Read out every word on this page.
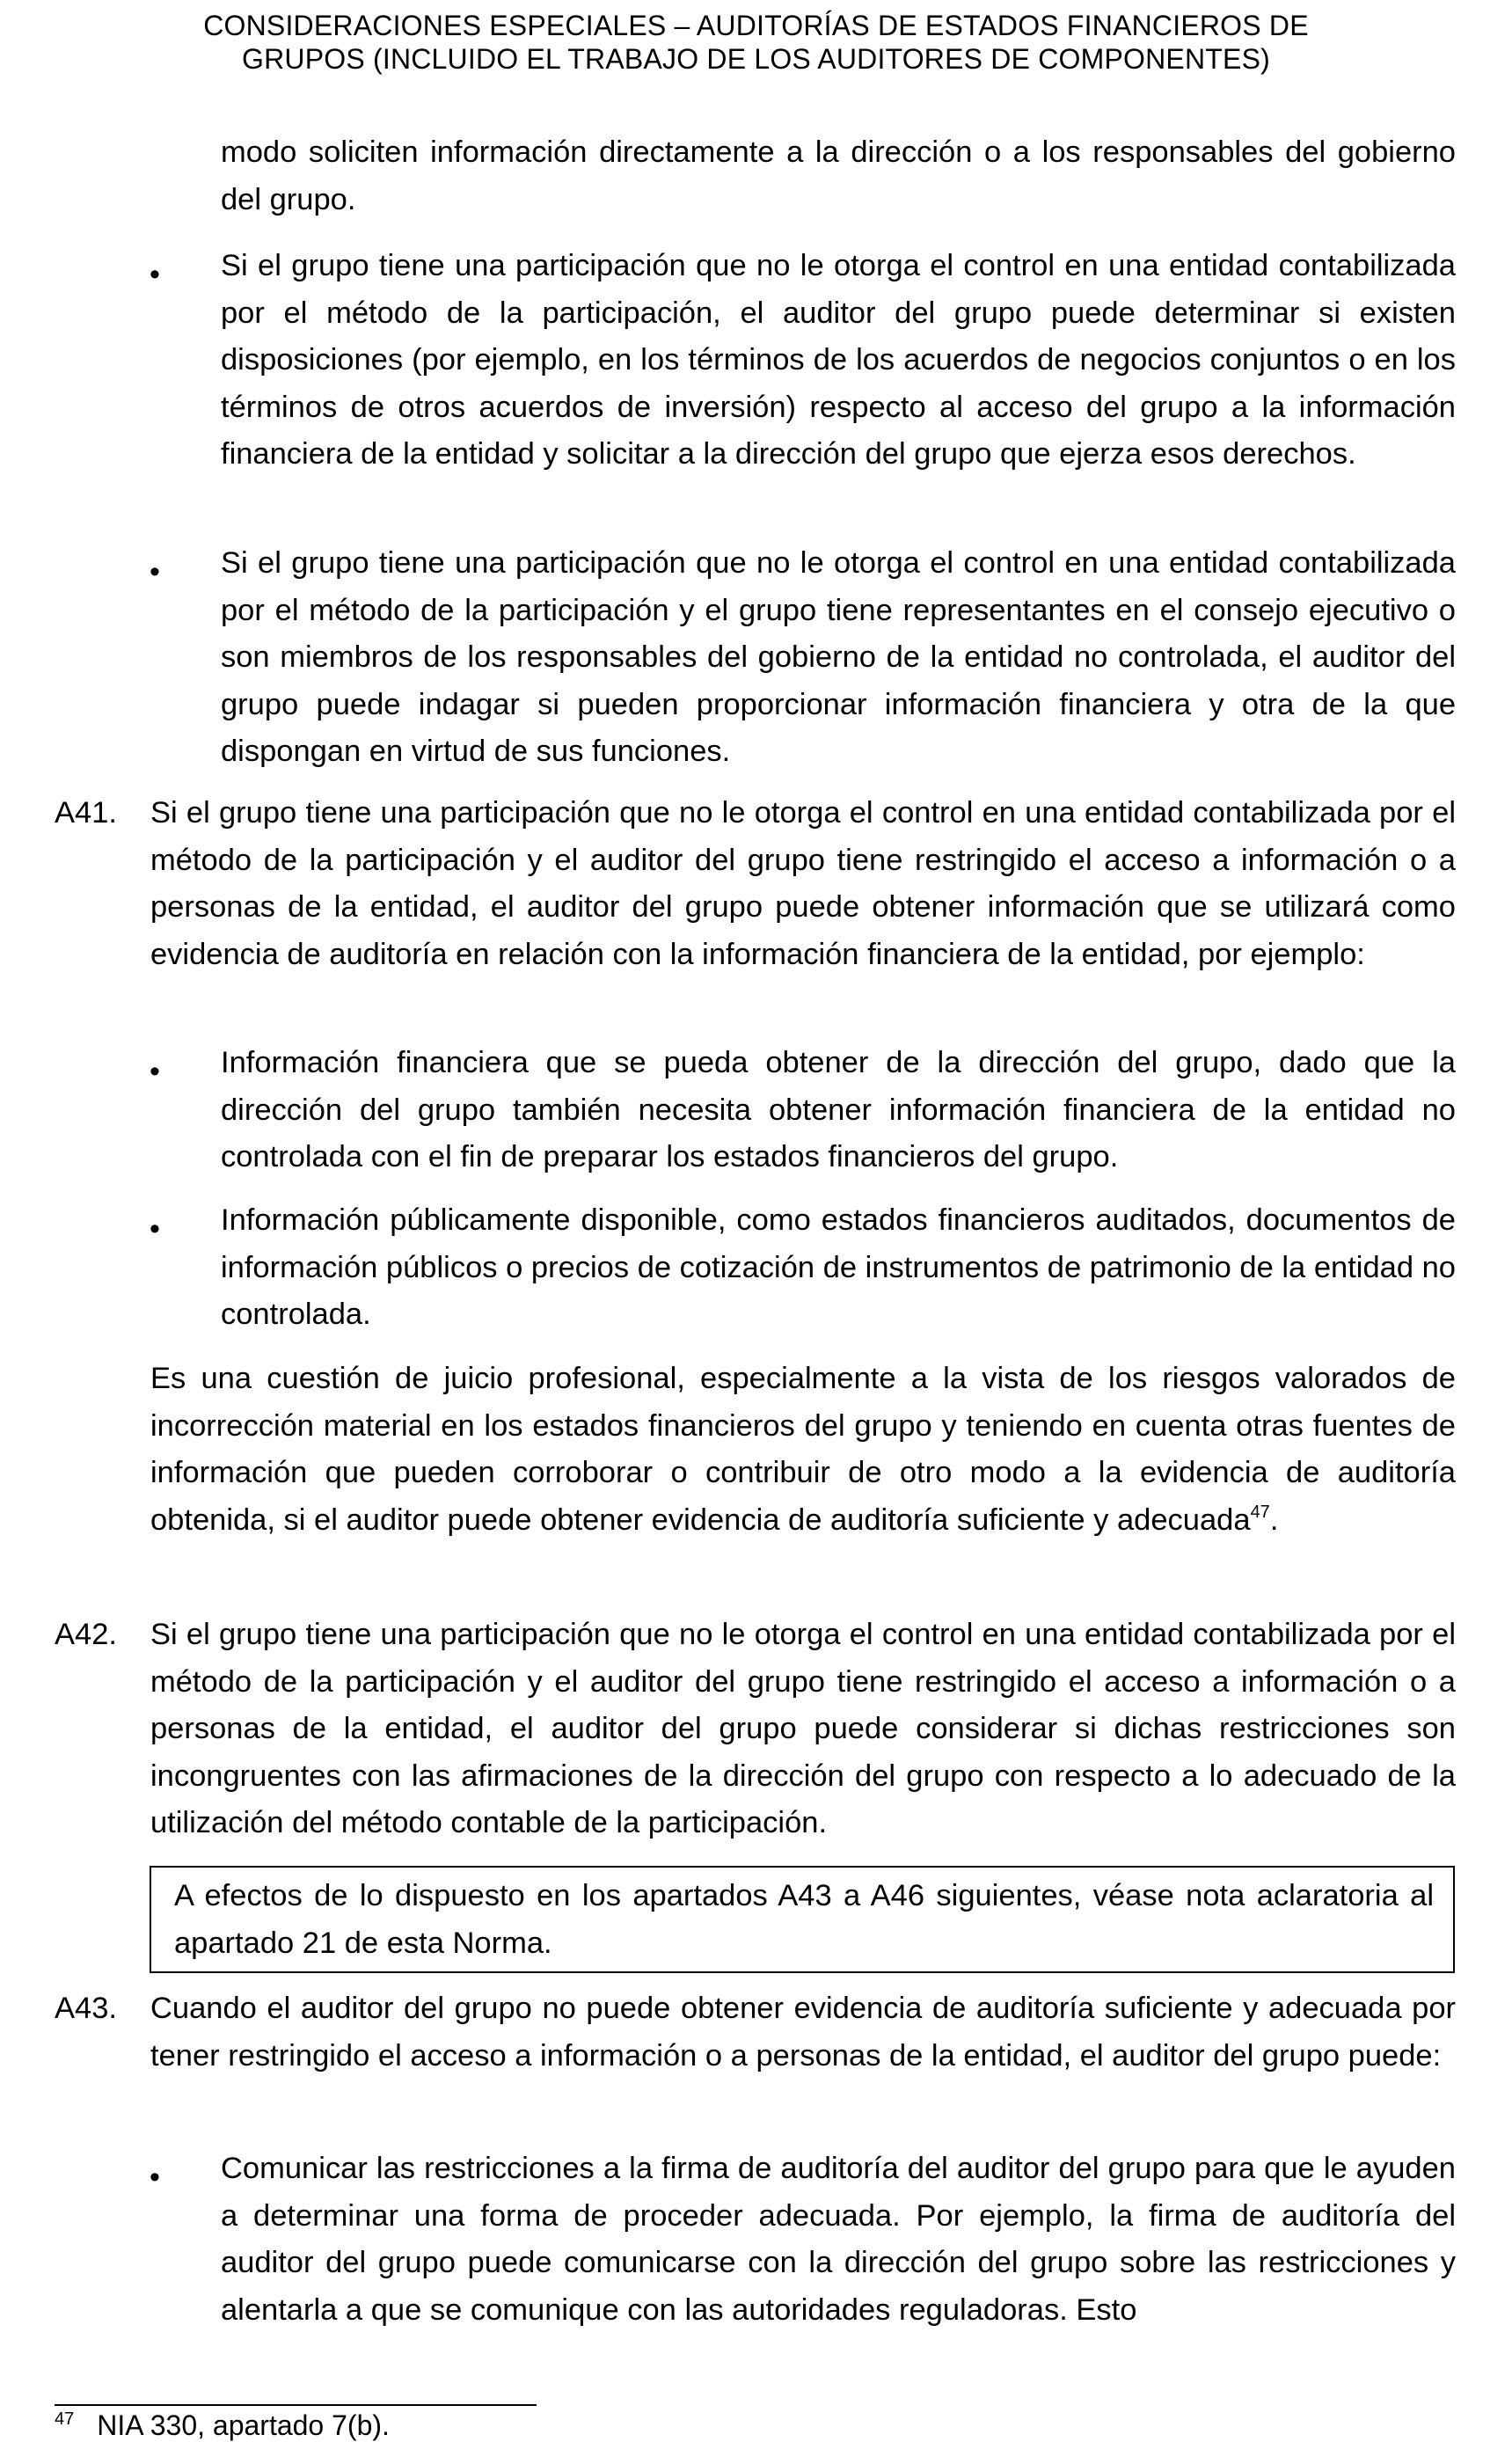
CONSIDERACIONES ESPECIALES – AUDITORÍAS DE ESTADOS FINANCIEROS DE
GRUPOS (INCLUIDO EL TRABAJO DE LOS AUDITORES DE COMPONENTES)
modo soliciten información directamente a la dirección o a los responsables del gobierno del grupo.
• Si el grupo tiene una participación que no le otorga el control en una entidad contabilizada por el método de la participación, el auditor del grupo puede determinar si existen disposiciones (por ejemplo, en los términos de los acuerdos de negocios conjuntos o en los términos de otros acuerdos de inversión) respecto al acceso del grupo a la información financiera de la entidad y solicitar a la dirección del grupo que ejerza esos derechos.
• Si el grupo tiene una participación que no le otorga el control en una entidad contabilizada por el método de la participación y el grupo tiene representantes en el consejo ejecutivo o son miembros de los responsables del gobierno de la entidad no controlada, el auditor del grupo puede indagar si pueden proporcionar información financiera y otra de la que dispongan en virtud de sus funciones.
A41. Si el grupo tiene una participación que no le otorga el control en una entidad contabilizada por el método de la participación y el auditor del grupo tiene restringido el acceso a información o a personas de la entidad, el auditor del grupo puede obtener información que se utilizará como evidencia de auditoría en relación con la información financiera de la entidad, por ejemplo:
• Información financiera que se pueda obtener de la dirección del grupo, dado que la dirección del grupo también necesita obtener información financiera de la entidad no controlada con el fin de preparar los estados financieros del grupo.
• Información públicamente disponible, como estados financieros auditados, documentos de información públicos o precios de cotización de instrumentos de patrimonio de la entidad no controlada.
Es una cuestión de juicio profesional, especialmente a la vista de los riesgos valorados de incorrección material en los estados financieros del grupo y teniendo en cuenta otras fuentes de información que pueden corroborar o contribuir de otro modo a la evidencia de auditoría obtenida, si el auditor puede obtener evidencia de auditoría suficiente y adecuada$^{47}$.
A42. Si el grupo tiene una participación que no le otorga el control en una entidad contabilizada por el método de la participación y el auditor del grupo tiene restringido el acceso a información o a personas de la entidad, el auditor del grupo puede considerar si dichas restricciones son incongruentes con las afirmaciones de la dirección del grupo con respecto a lo adecuado de la utilización del método contable de la participación.

A efectos de lo dispuesto en los apartados A43 a A46 siguientes, véase nota aclaratoria al apartado 21 de esta Norma.

A43. Cuando el auditor del grupo no puede obtener evidencia de auditoría suficiente y adecuada por tener restringido el acceso a información o a personas de la entidad, el auditor del grupo puede:
• Comunicar las restricciones a la firma de auditoría del auditor del grupo para que le ayuden a determinar una forma de proceder adecuada. Por ejemplo, la firma de auditoría del auditor del grupo puede comunicarse con la dirección del grupo sobre las restricciones y alentarla a que se comunique con las autoridades reguladoras. Esto
$^{47}$ NIA 330, apartado 7(b).
